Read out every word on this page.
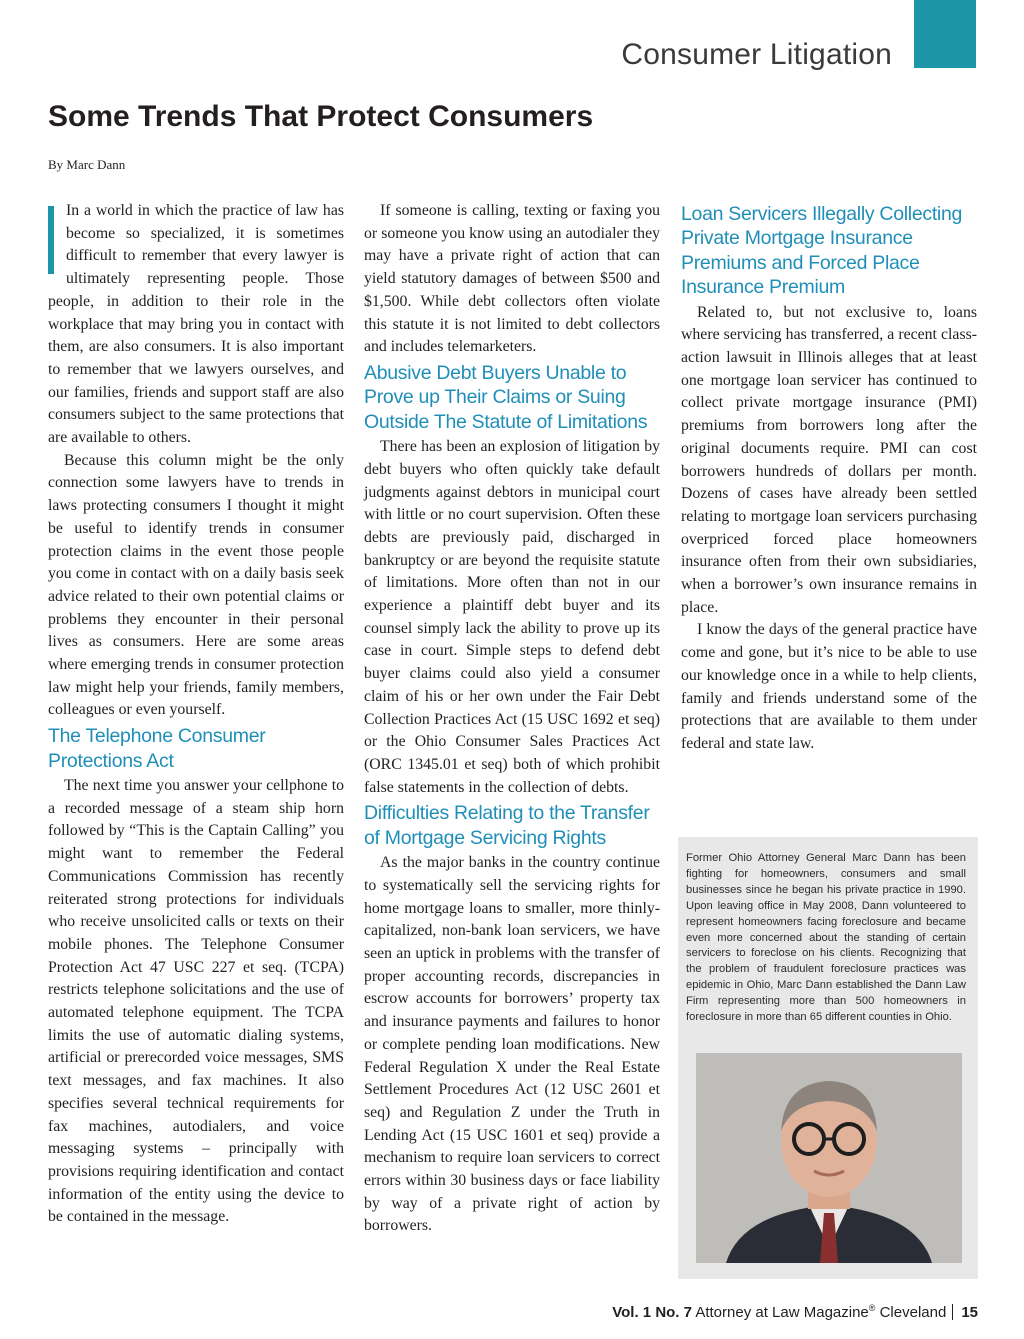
Consumer Litigation
Some Trends That Protect Consumers
By Marc Dann

In a world in which the practice of law has become so specialized, it is sometimes difficult to remember that every lawyer is ultimately representing people. Those people, in addition to their role in the workplace that may bring you in contact with them, are also consumers. It is also important to remember that we lawyers ourselves, and our families, friends and support staff are also consumers subject to the same protections that are available to others.

Because this column might be the only connection some lawyers have to trends in laws protecting consumers I thought it might be useful to identify trends in consumer protection claims in the event those people you come in contact with on a daily basis seek advice related to their own potential claims or problems they encounter in their personal lives as consumers. Here are some areas where emerging trends in consumer protection law might help your friends, family members, colleagues or even yourself.

The Telephone Consumer Protections Act

The next time you answer your cellphone to a recorded message of a steam ship horn followed by “This is the Captain Calling” you might want to remember the Federal Communications Commission has recently reiterated strong protections for individuals who receive unsolicited calls or texts on their mobile phones. The Telephone Consumer Protection Act 47 USC 227 et seq. (TCPA) restricts telephone solicitations and the use of automated telephone equipment. The TCPA limits the use of automatic dialing systems, artificial or prerecorded voice messages, SMS text messages, and fax machines. It also specifies several technical requirements for fax machines, autodialers, and voice messaging systems – principally with provisions requiring identification and contact information of the entity using the device to be contained in the message.

If someone is calling, texting or faxing you or someone you know using an autodialer they may have a private right of action that can yield statutory damages of between $500 and $1,500. While debt collectors often violate this statute it is not limited to debt collectors and includes telemarketers.

Abusive Debt Buyers Unable to Prove up Their Claims or Suing Outside The Statute of Limitations

There has been an explosion of litigation by debt buyers who often quickly take default judgments against debtors in municipal court with little or no court supervision. Often these debts are previously paid, discharged in bankruptcy or are beyond the requisite statute of limitations. More often than not in our experience a plaintiff debt buyer and its counsel simply lack the ability to prove up its case in court. Simple steps to defend debt buyer claims could also yield a consumer claim of his or her own under the Fair Debt Collection Practices Act (15 USC 1692 et seq) or the Ohio Consumer Sales Practices Act (ORC 1345.01 et seq) both of which prohibit false statements in the collection of debts.

Difficulties Relating to the Transfer of Mortgage Servicing Rights

As the major banks in the country continue to systematically sell the servicing rights for home mortgage loans to smaller, more thinly-capitalized, non-bank loan servicers, we have seen an uptick in problems with the transfer of proper accounting records, discrepancies in escrow accounts for borrowers’ property tax and insurance payments and failures to honor or complete pending loan modifications. New Federal Regulation X under the Real Estate Settlement Procedures Act (12 USC 2601 et seq) and Regulation Z under the Truth in Lending Act (15 USC 1601 et seq) provide a mechanism to require loan servicers to correct errors within 30 business days or face liability by way of a private right of action by borrowers.

Loan Servicers Illegally Collecting Private Mortgage Insurance Premiums and Forced Place Insurance Premium

Related to, but not exclusive to, loans where servicing has transferred, a recent class-action lawsuit in Illinois alleges that at least one mortgage loan servicer has continued to collect private mortgage insurance (PMI) premiums from borrowers long after the original documents require. PMI can cost borrowers hundreds of dollars per month. Dozens of cases have already been settled relating to mortgage loan servicers purchasing overpriced forced place homeowners insurance often from their own subsidiaries, when a borrower’s own insurance remains in place.

I know the days of the general practice have come and gone, but it’s nice to be able to use our knowledge once in a while to help clients, family and friends understand some of the protections that are available to them under federal and state law.

Former Ohio Attorney General Marc Dann has been fighting for homeowners, consumers and small businesses since he began his private practice in 1990. Upon leaving office in May 2008, Dann volunteered to represent homeowners facing foreclosure and became even more concerned about the standing of certain servicers to foreclose on his clients. Recognizing that the problem of fraudulent foreclosure practices was epidemic in Ohio, Marc Dann established the Dann Law Firm representing more than 500 homeowners in foreclosure in more than 65 different counties in Ohio.
Vol. 1 No. 7 Attorney at Law Magazine® Cleveland 15
